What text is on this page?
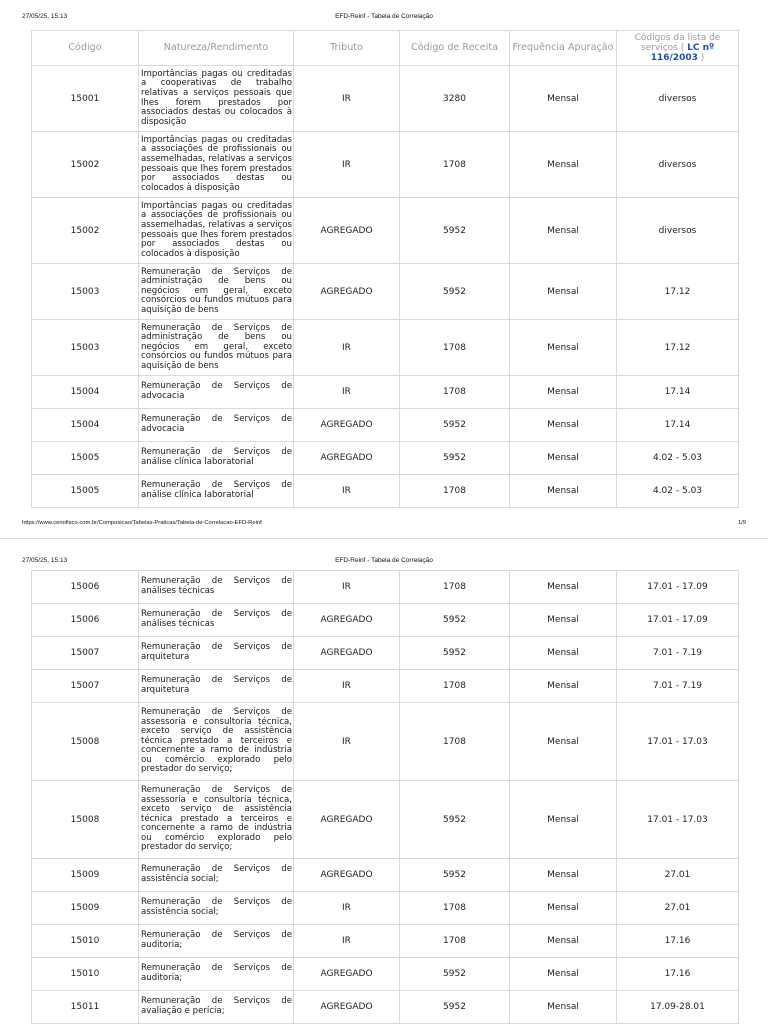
27/05/25, 15:13	EFD-Reinf - Tabela de Correlação
Código	Natureza/Rendimento	Tributo	Código de Receita	Frequência Apuração	Códigos da lista de serviços ( LC nº 116/2003 )
15001	Importâncias pagas ou creditadas a cooperativas de trabalho relativas a serviços pessoais que lhes forem prestados por associados destas ou colocados à disposição	IR	3280	Mensal	diversos
15002	Importâncias pagas ou creditadas a associações de profissionais ou assemelhadas, relativas a serviços pessoais que lhes forem prestados por associados destas ou colocados à disposição	IR	1708	Mensal	diversos
15002	Importâncias pagas ou creditadas a associações de profissionais ou assemelhadas, relativas a serviços pessoais que lhes forem prestados por associados destas ou colocados à disposição	AGREGADO	5952	Mensal	diversos
15003	Remuneração de Serviços de administração de bens ou negócios em geral, exceto consórcios ou fundos mútuos para aquisição de bens	AGREGADO	5952	Mensal	17.12
15003	Remuneração de Serviços de administração de bens ou negócios em geral, exceto consórcios ou fundos mútuos para aquisição de bens	IR	1708	Mensal	17.12
15004	Remuneração de Serviços de advocacia	IR	1708	Mensal	17.14
15004	Remuneração de Serviços de advocacia	AGREGADO	5952	Mensal	17.14
15005	Remuneração de Serviços de análise clínica laboratorial	AGREGADO	5952	Mensal	4.02 - 5.03
15005	Remuneração de Serviços de análise clínica laboratorial	IR	1708	Mensal	4.02 - 5.03
https://www.cenofisco.com.br/Composicao/Tabelas-Praticas/Tabela-de-Correlacao-EFD-Reinf	1/9
27/05/25, 15:13	EFD-Reinf - Tabela de Correlação
15006	Remuneração de Serviços de análises técnicas	IR	1708	Mensal	17.01 - 17.09
15006	Remuneração de Serviços de análises técnicas	AGREGADO	5952	Mensal	17.01 - 17.09
15007	Remuneração de Serviços de arquitetura	AGREGADO	5952	Mensal	7.01 - 7.19
15007	Remuneração de Serviços de arquitetura	IR	1708	Mensal	7.01 - 7.19
15008	Remuneração de Serviços de assessoria e consultoria técnica, exceto serviço de assistência técnica prestado a terceiros e concernente a ramo de indústria ou comércio explorado pelo prestador do serviço;	IR	1708	Mensal	17.01 - 17.03
15008	Remuneração de Serviços de assessoria e consultoria técnica, exceto serviço de assistência técnica prestado a terceiros e concernente a ramo de indústria ou comércio explorado pelo prestador do serviço;	AGREGADO	5952	Mensal	17.01 - 17.03
15009	Remuneração de Serviços de assistência social;	AGREGADO	5952	Mensal	27.01
15009	Remuneração de Serviços de assistência social;	IR	1708	Mensal	27.01
15010	Remuneração de Serviços de auditoria;	IR	1708	Mensal	17.16
15010	Remuneração de Serviços de auditoria;	AGREGADO	5952	Mensal	17.16
15011	Remuneração de Serviços de avaliação e perícia;	AGREGADO	5952	Mensal	17.09-28.01
